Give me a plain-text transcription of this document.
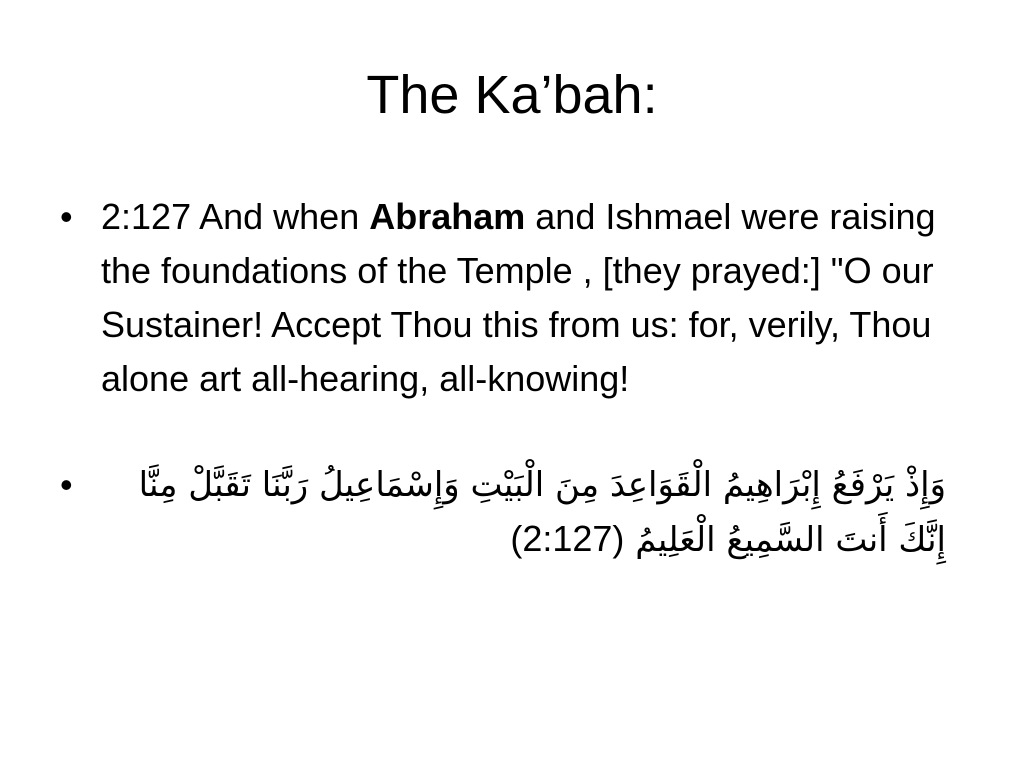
The Ka’bah:
• 2:127 And when Abraham and Ishmael were raising the foundations of the Temple , [they prayed:] "O our Sustainer! Accept Thou this from us: for, verily, Thou alone art all-hearing, all-knowing!
•	وَإِذْ يَرْفَعُ إِبْرَاهِيمُ الْقَوَاعِدَ مِنَ الْبَيْتِ وَإِسْمَاعِيلُ رَبَّنَا تَقَبَّلْ مِنَّا
إِنَّكَ أَنتَ السَّمِيعُ الْعَلِيمُ (2:127)
